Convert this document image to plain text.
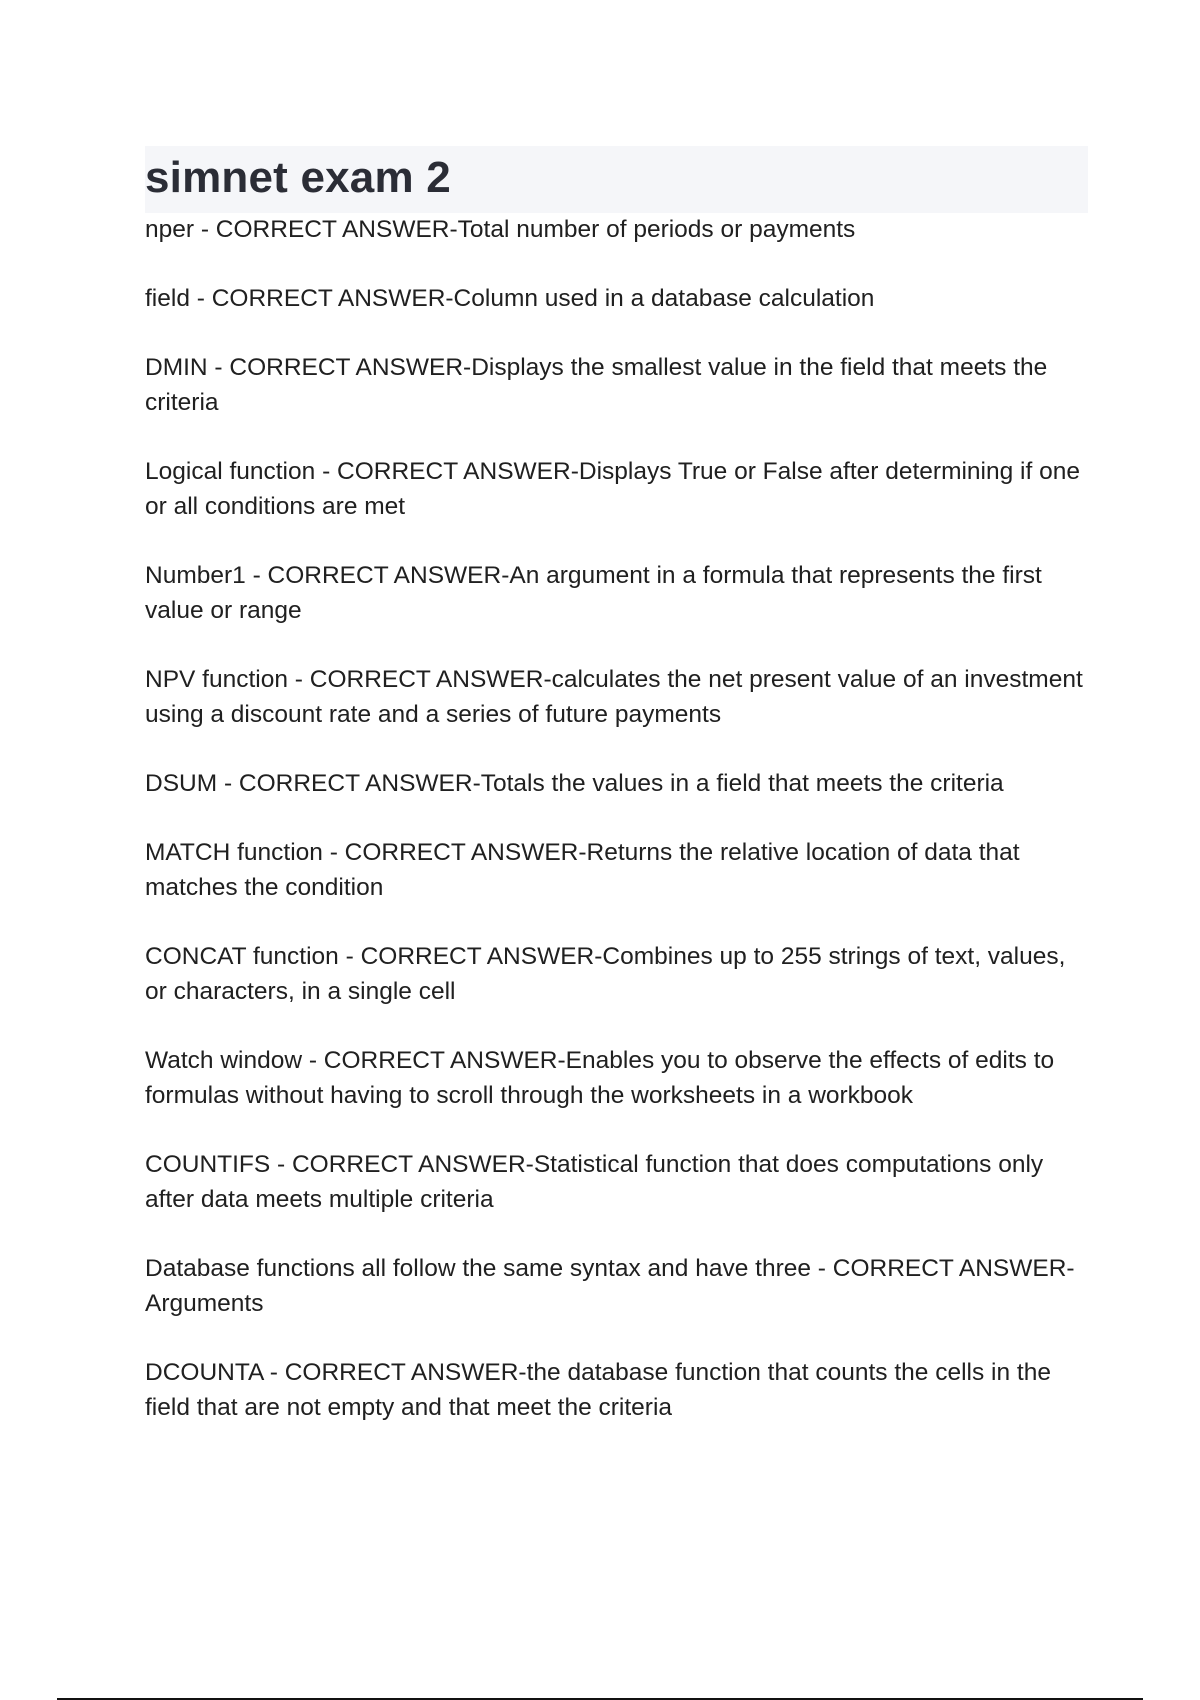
simnet exam 2

nper - CORRECT ANSWER-Total number of periods or payments

field - CORRECT ANSWER-Column used in a database calculation

DMIN - CORRECT ANSWER-Displays the smallest value in the field that meets the criteria

Logical function - CORRECT ANSWER-Displays True or False after determining if one or all conditions are met

Number1 - CORRECT ANSWER-An argument in a formula that represents the first value or range

NPV function - CORRECT ANSWER-calculates the net present value of an investment using a discount rate and a series of future payments

DSUM - CORRECT ANSWER-Totals the values in a field that meets the criteria

MATCH function - CORRECT ANSWER-Returns the relative location of data that matches the condition

CONCAT function - CORRECT ANSWER-Combines up to 255 strings of text, values, or characters, in a single cell

Watch window - CORRECT ANSWER-Enables you to observe the effects of edits to formulas without having to scroll through the worksheets in a workbook

COUNTIFS - CORRECT ANSWER-Statistical function that does computations only after data meets multiple criteria

Database functions all follow the same syntax and have three - CORRECT ANSWER-Arguments

DCOUNTA - CORRECT ANSWER-the database function that counts the cells in the field that are not empty and that meet the criteria
